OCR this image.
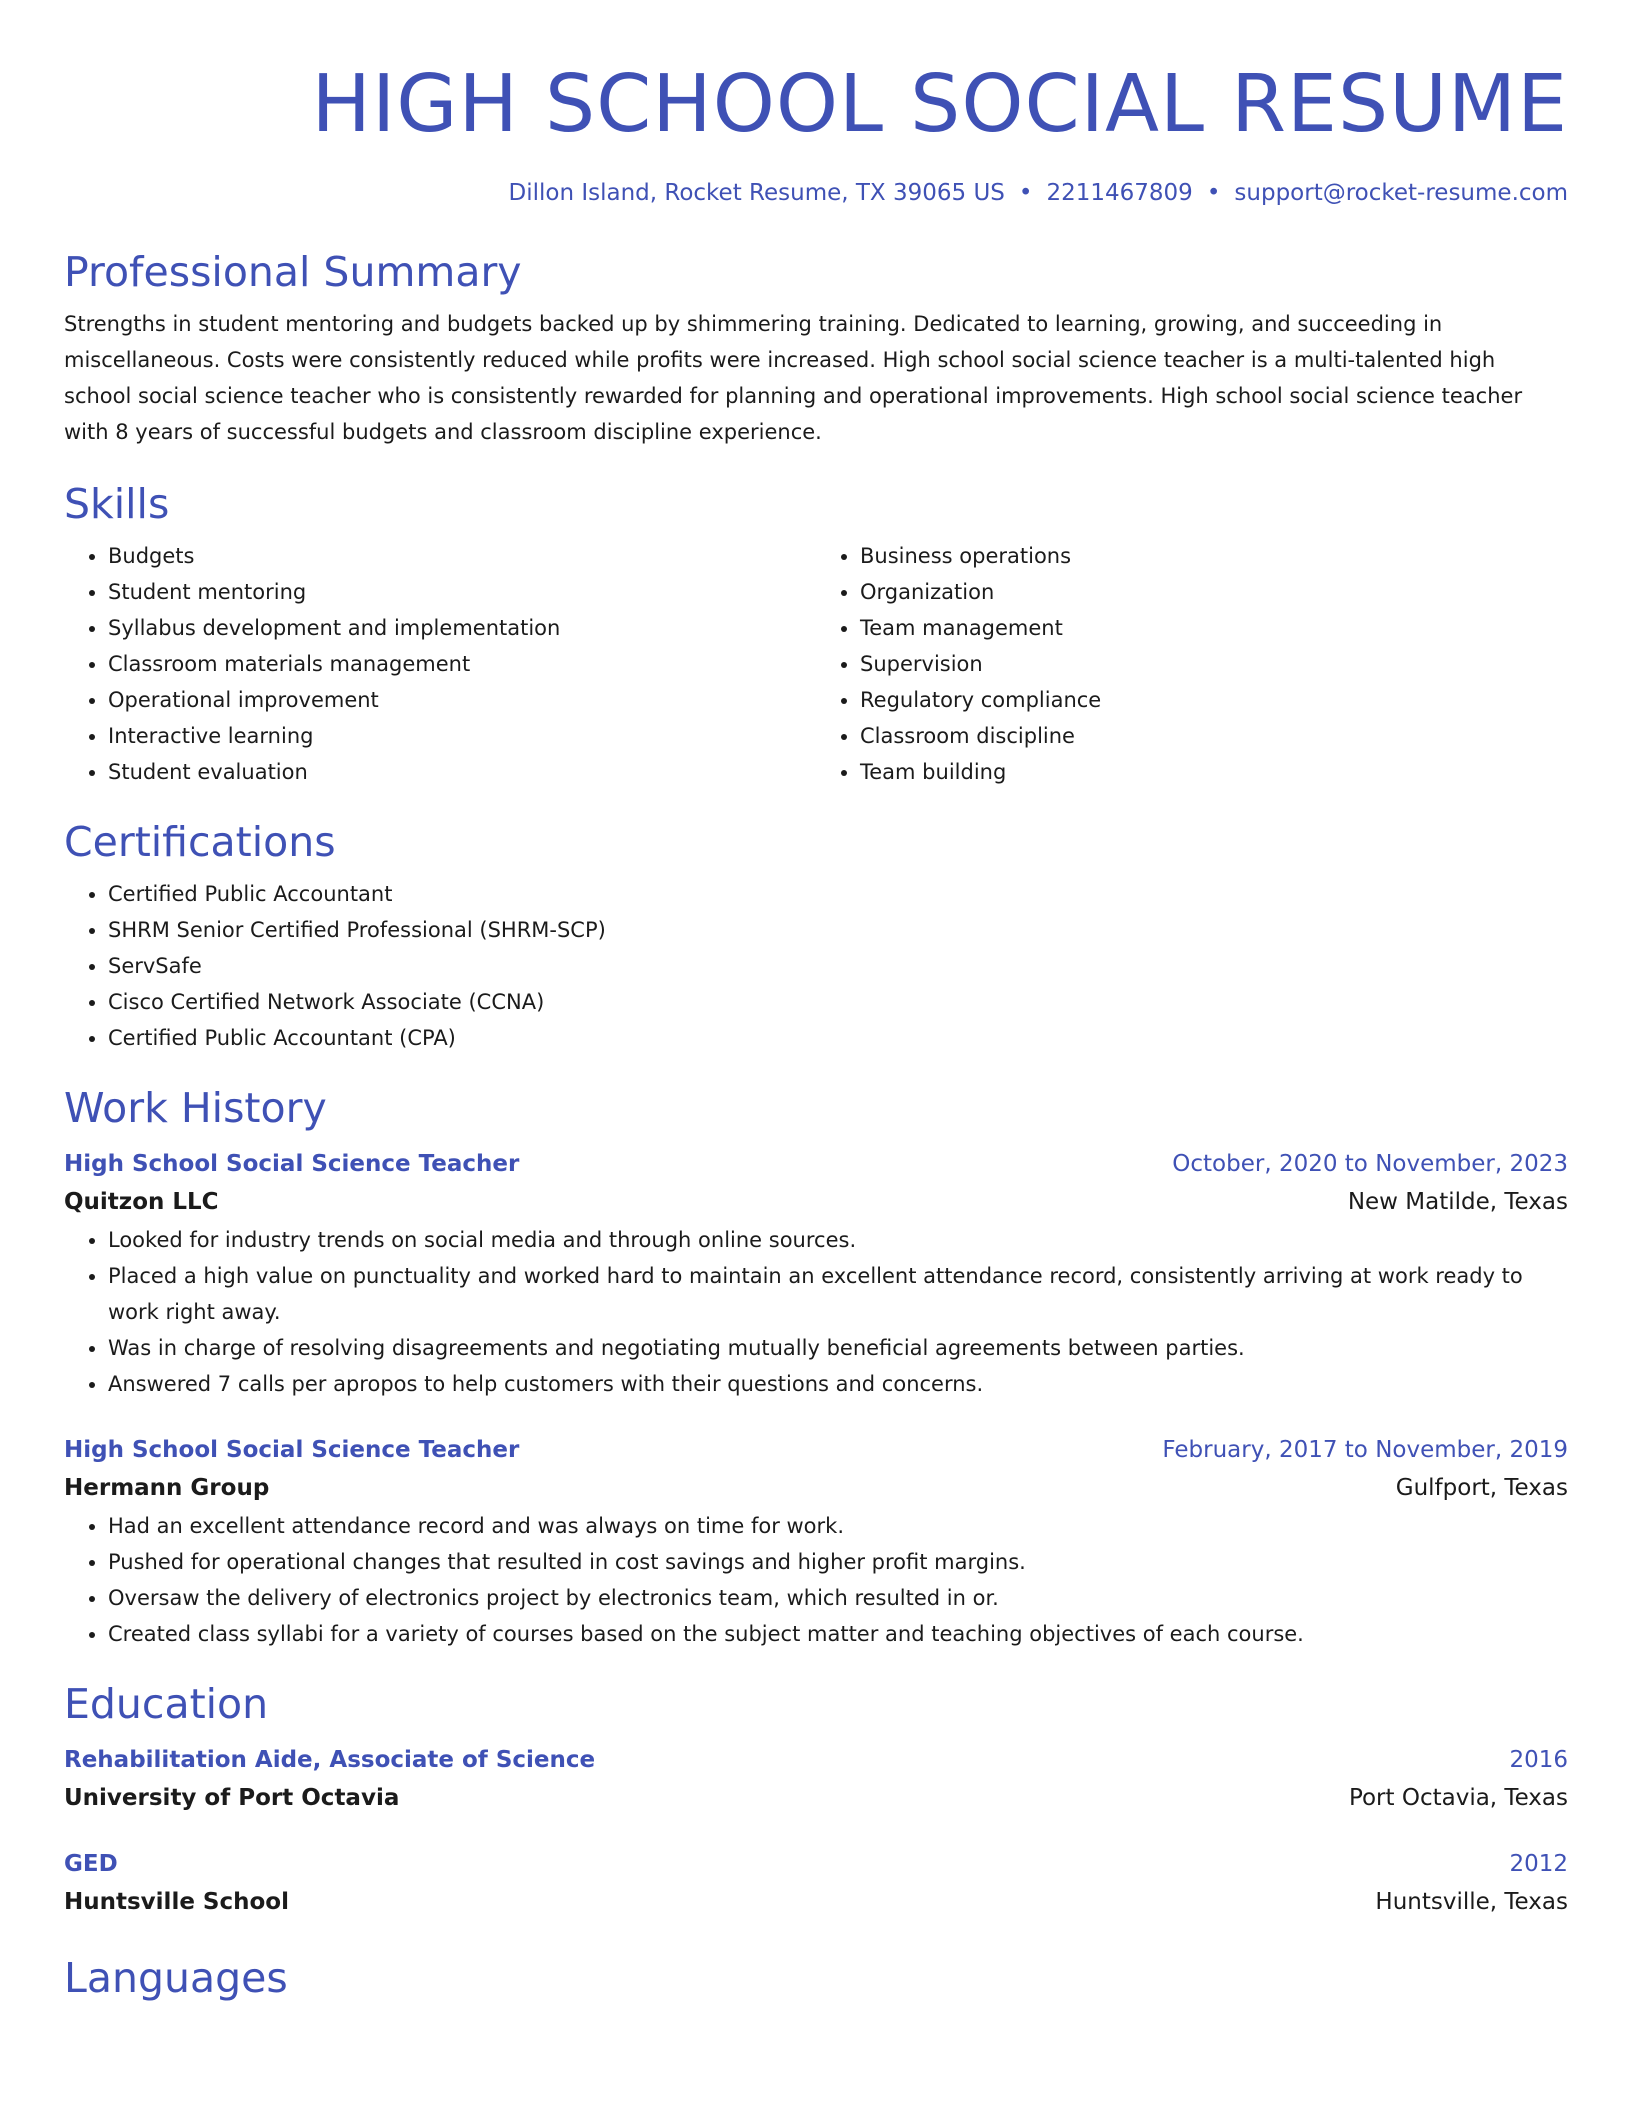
HIGH SCHOOL SOCIAL RESUME
Dillon Island, Rocket Resume, TX 39065 US • 2211467809 • support@rocket-resume.com
Professional Summary

Strengths in student mentoring and budgets backed up by shimmering training. Dedicated to learning, growing, and succeeding in miscellaneous. Costs were consistently reduced while profits were increased. High school social science teacher is a multi-talented high school social science teacher who is consistently rewarded for planning and operational improvements. High school social science teacher with 8 years of successful budgets and classroom discipline experience.

Skills
• Budgets
• Student mentoring
• Syllabus development and implementation
• Classroom materials management
• Operational improvement
• Interactive learning
• Student evaluation
• Business operations
• Organization
• Team management
• Supervision
• Regulatory compliance
• Classroom discipline
• Team building
Certifications
• Certified Public Accountant
• SHRM Senior Certified Professional (SHRM-SCP)
• ServSafe
• Cisco Certified Network Associate (CCNA)
• Certified Public Accountant (CPA)
Work History
High School Social Science Teacher	October, 2020 to November, 2023
Quitzon LLC	New Matilde, Texas
• Looked for industry trends on social media and through online sources.
• Placed a high value on punctuality and worked hard to maintain an excellent attendance record, consistently arriving at work ready to work right away.
• Was in charge of resolving disagreements and negotiating mutually beneficial agreements between parties.
• Answered 7 calls per apropos to help customers with their questions and concerns.
High School Social Science Teacher	February, 2017 to November, 2019
Hermann Group	Gulfport, Texas
• Had an excellent attendance record and was always on time for work.
• Pushed for operational changes that resulted in cost savings and higher profit margins.
• Oversaw the delivery of electronics project by electronics team, which resulted in or.
• Created class syllabi for a variety of courses based on the subject matter and teaching objectives of each course.
Education
Rehabilitation Aide, Associate of Science	2016
University of Port Octavia	Port Octavia, Texas
GED	2012
Huntsville School	Huntsville, Texas
Languages
